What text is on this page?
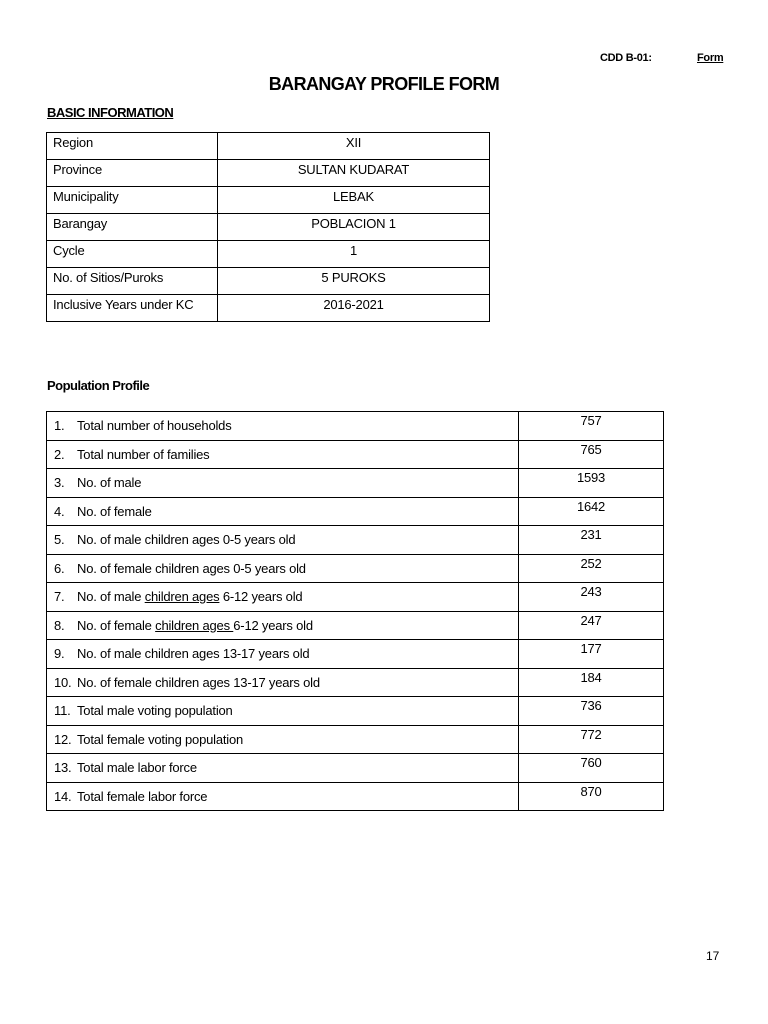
CDD B-01:	Form
BARANGAY PROFILE FORM
BASIC INFORMATION
Region	XII
Province	SULTAN KUDARAT
Municipality	LEBAK
Barangay	POBLACION 1
Cycle	1
No. of Sitios/Puroks	5 PUROKS
Inclusive Years under KC	2016-2021
Population Profile
1. Total number of households	757
2. Total number of families	765
3. No. of male	1593
4. No. of female	1642
5. No. of male children ages 0-5 years old	231
6. No. of female children ages 0-5 years old	252
7. No. of male children ages 6-12 years old	243
8. No. of female children ages 6-12 years old	247
9. No. of male children ages 13-17 years old	177
10. No. of female children ages 13-17 years old	184
11. Total male voting population	736
12. Total female voting population	772
13. Total male labor force	760
14. Total female labor force	870
17
